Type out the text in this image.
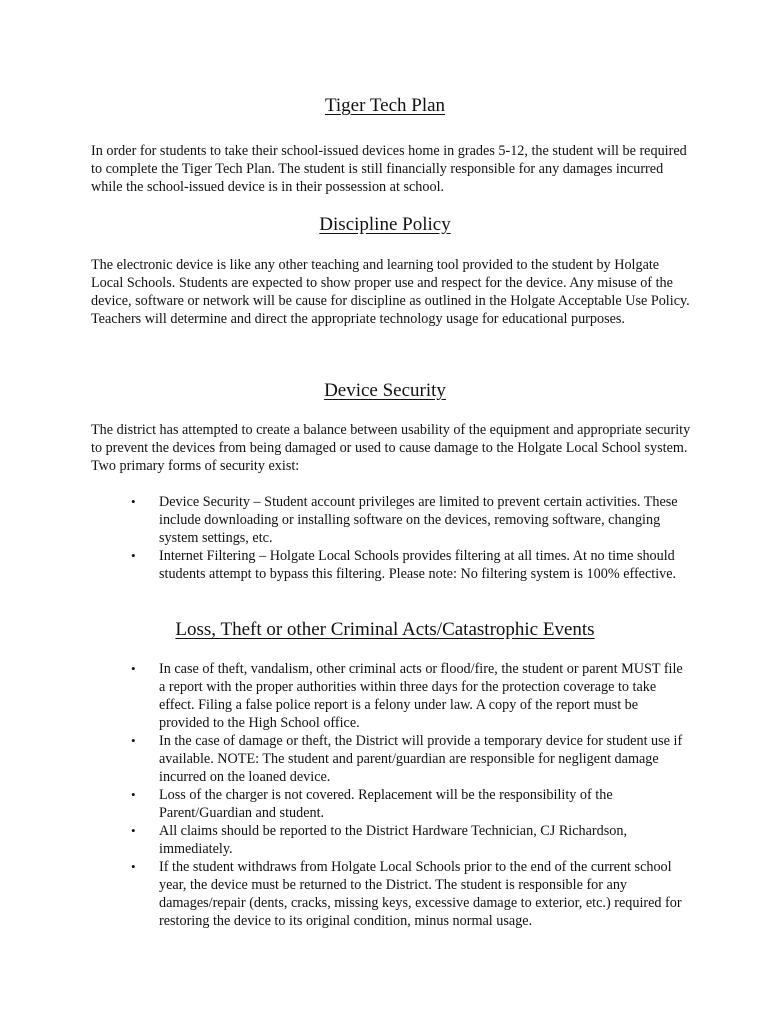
Tiger Tech Plan

In order for students to take their school-issued devices home in grades 5-12, the student will be required to complete the Tiger Tech Plan. The student is still financially responsible for any damages incurred while the school-issued device is in their possession at school.

Discipline Policy

The electronic device is like any other teaching and learning tool provided to the student by Holgate Local Schools. Students are expected to show proper use and respect for the device. Any misuse of the device, software or network will be cause for discipline as outlined in the Holgate Acceptable Use Policy. Teachers will determine and direct the appropriate technology usage for educational purposes.

Device Security

The district has attempted to create a balance between usability of the equipment and appropriate security to prevent the devices from being damaged or used to cause damage to the Holgate Local School system. Two primary forms of security exist:

• Device Security – Student account privileges are limited to prevent certain activities. These include downloading or installing software on the devices, removing software, changing system settings, etc.
• Internet Filtering – Holgate Local Schools provides filtering at all times. At no time should students attempt to bypass this filtering. Please note: No filtering system is 100% effective.
Loss, Theft or other Criminal Acts/Catastrophic Events
• In case of theft, vandalism, other criminal acts or flood/fire, the student or parent MUST file a report with the proper authorities within three days for the protection coverage to take effect. Filing a false police report is a felony under law. A copy of the report must be provided to the High School office.
• In the case of damage or theft, the District will provide a temporary device for student use if available. NOTE: The student and parent/guardian are responsible for negligent damage incurred on the loaned device.
• Loss of the charger is not covered. Replacement will be the responsibility of the Parent/Guardian and student.
• All claims should be reported to the District Hardware Technician, CJ Richardson, immediately.
• If the student withdraws from Holgate Local Schools prior to the end of the current school year, the device must be returned to the District. The student is responsible for any damages/repair (dents, cracks, missing keys, excessive damage to exterior, etc.) required for restoring the device to its original condition, minus normal usage.
